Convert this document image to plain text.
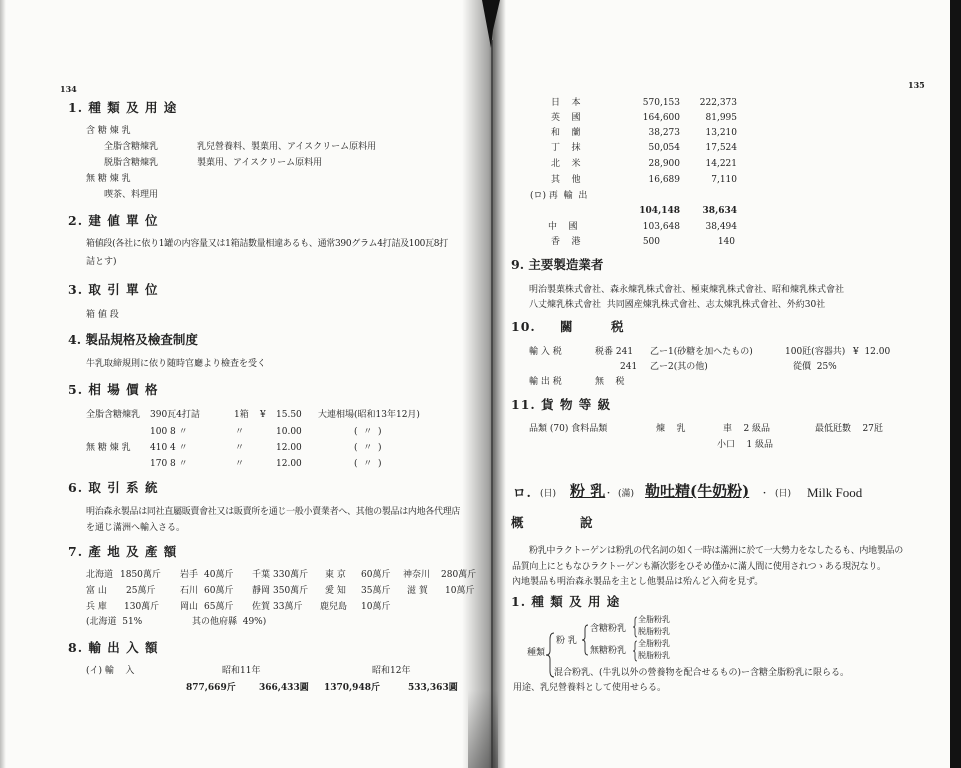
134
1. 種 類 及 用 途
含 糖 煉 乳
全脂含糖煉乳	乳兒營養料、製菓用、アイスクリーム原料用
脱脂含糖煉乳	製菓用、アイスクリーム原料用
無 糖 煉 乳
喫茶、料理用
2. 建 値 單 位
箱値段(各社に依り1罐の内容量又は1箱詰數量相違あるも、通常390グラム4打詰及100瓦8打
詰とす)
3. 取 引 單 位
箱 値 段
4. 製品規格及檢查制度
牛乳取締規則に依り随時官廳より檢査を受く
5. 相 場 價 格
全脂含糖煉乳 390瓦4打詰	1箱 ¥ 15.50 大連相場(昭和13年12月)
100 8 〃	〃	10.00	(  〃  )
無 糖 煉 乳 410 4 〃	〃	12.00	(  〃  )
170 8 〃	〃	12.00	(  〃  )
6. 取 引 系 統
明治森永製品は同社直屬販賣會社又は販賣所を通じ一般小賣業者へ、其他の製品は内地各代理店
を通じ滿洲へ輸入さる。
7. 產 地 及 產 額
北海道 1850萬斤 岩手 40萬斤 千葉 330萬斤 東 京 60萬斤 神奈川 280萬斤
富 山 25萬斤	石川 60萬斤 靜岡 350萬斤 愛 知 35萬斤 滋 賀 10萬斤
兵 庫 130萬斤 岡山 65萬斤 佐賀 33萬斤 鹿兒島 10萬斤
(北海道  51%	其の他府縣  49%)
8. 輸 出 入 額
(イ) 輸    入	昭和11年	昭和12年
877,669斤	366,433圓 1370,948斤	533,363圓
135
日    本	570,153	222,373
英    國	164,600	81,995
和    蘭	38,273	13,210
丁    抹	50,054	17,524
北    米	28,900	14,221
其    他	16,689	7,110
(ロ) 再  輸  出
104,148	38,634
中    國	103,648	38,494
香    港	500	140
9. 主要製造業者
明治製菓株式會社、森永煉乳株式會社、極東煉乳株式會社、昭和煉乳株式會社
八丈煉乳株式會社  共同國産煉乳株式會社、志太煉乳株式會社、外約30社
10. 關	税
輸 入 税	税番 241 乙ー1(砂糖を加へたもの)	100瓩(容器共) ¥  12.00
241 乙ー2(其の他)	從價  25%
輸 出 税	無    税
11. 貨 物 等 級
品類 (70) 食料品類	煉    乳	車    2 級品	最低瓩數    27瓩
小口    1 級品
ロ. (日) 粉 乳
・ (滿) 勒吐精(牛奶粉) ・ (日) Milk Food
概	說
粉乳中ラクトーゲンは粉乳の代名詞の如く一時は滿洲に於て一大勢力をなしたるも、内地製品の
品質向上にともなひラクトーゲンも漸次影をひそめ僅かに滿人間に使用されつゝある現況なり。
內地製品も明治森永製品を主とし他製品は殆んど入荷を見ず。
1. 種 類 及 用 途
種類
粉 乳
含糖粉乳
無糖粉乳
全脂粉乳
脱脂粉乳
全脂粉乳
脱脂粉乳
混合粉乳、(牛乳以外の營養物を配合せるもの)ー含糖全脂粉乳に限らる。
用途、乳兒營養料として使用せらる。
